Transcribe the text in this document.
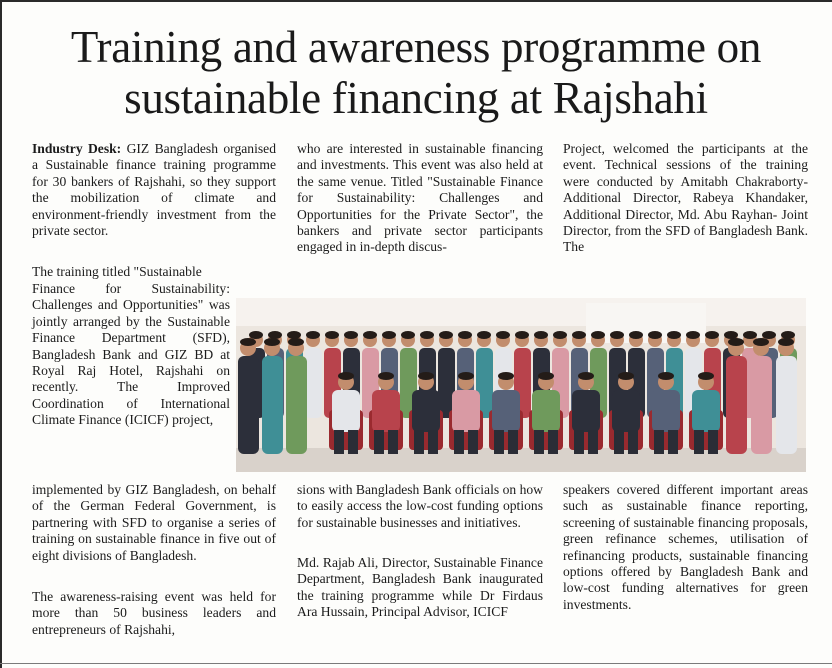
Training and awareness programme on sustainable financing at Rajshahi

Industry Desk: GIZ Bangladesh organised a Sustainable finance training programme for 30 bankers of Rajshahi, so they support the mobilization of climate and environment-friendly investment from the private sector.

The training titled "Sustainable

Finance for Sustainability: Challenges and Opportunities" was jointly arranged by the Sustainable Finance Department (SFD), Bangladesh Bank and GIZ BD at Royal Raj Hotel, Rajshahi on recently. The Improved Coordination of International Climate Finance (ICICF) project,

implemented by GIZ Bangladesh, on behalf of the German Federal Government, is partnering with SFD to organise a series of training on sustainable finance in five out of eight divisions of Bangladesh.

The awareness-raising event was held for more than 50 business leaders and entrepreneurs of Rajshahi,

who are interested in sustainable financing and investments. This event was also held at the same venue. Titled "Sustainable Finance for Sustainability: Challenges and Opportunities for the Private Sector", the bankers and private sector participants engaged in in-depth discus-

sions with Bangladesh Bank officials on how to easily access the low-cost funding options for sustainable businesses and initiatives.

Md. Rajab Ali, Director, Sustainable Finance Department, Bangladesh Bank inaugurated the training programme while Dr Firdaus Ara Hussain, Principal Advisor, ICICF

Project, welcomed the participants at the event. Technical sessions of the training were conducted by Amitabh Chakraborty- Additional Director, Rabeya Khandaker, Additional Director, Md. Abu Rayhan- Joint Director, from the SFD of Bangladesh Bank. The

speakers covered different important areas such as sustainable finance reporting, screening of sustainable financing proposals, green refinance schemes, utilisation of refinancing products, sustainable financing options offered by Bangladesh Bank and low-cost funding alternatives for green investments.
